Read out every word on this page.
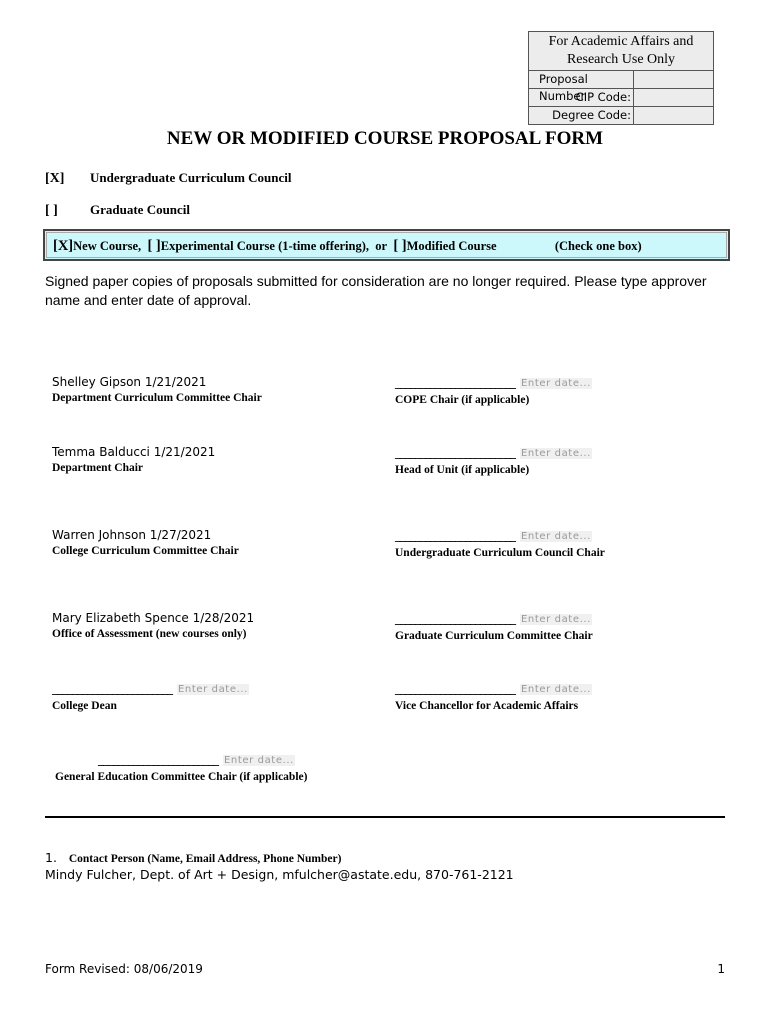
For Academic Affairs and Research Use Only
Proposal Number
CIP Code:
Degree Code:
NEW OR MODIFIED COURSE PROPOSAL FORM
[X] Undergraduate Curriculum Council
[ ] Graduate Council
[X]New Course, [ ]Experimental Course (1-time offering), or [ ]Modified Course	(Check one box)
Signed paper copies of proposals submitted for consideration are no longer required. Please type approver name and enter date of approval.
Shelley Gipson 1/21/2021
Department Curriculum Committee Chair
Temma Balducci 1/21/2021
Department Chair
Warren Johnson 1/27/2021
College Curriculum Committee Chair
Mary Elizabeth Spence 1/28/2021
Office of Assessment (new courses only)
________________________ Enter date...
College Dean
________________________ Enter date...
General Education Committee Chair (if applicable)
________________________ Enter date...
COPE Chair (if applicable)
________________________ Enter date...
Head of Unit (if applicable)
________________________ Enter date...
Undergraduate Curriculum Council Chair
________________________ Enter date...
Graduate Curriculum Committee Chair
________________________ Enter date...
Vice Chancellor for Academic Affairs
1. Contact Person (Name, Email Address, Phone Number)
Mindy Fulcher, Dept. of Art + Design, mfulcher@astate.edu, 870-761-2121
Form Revised: 08/06/2019	1
